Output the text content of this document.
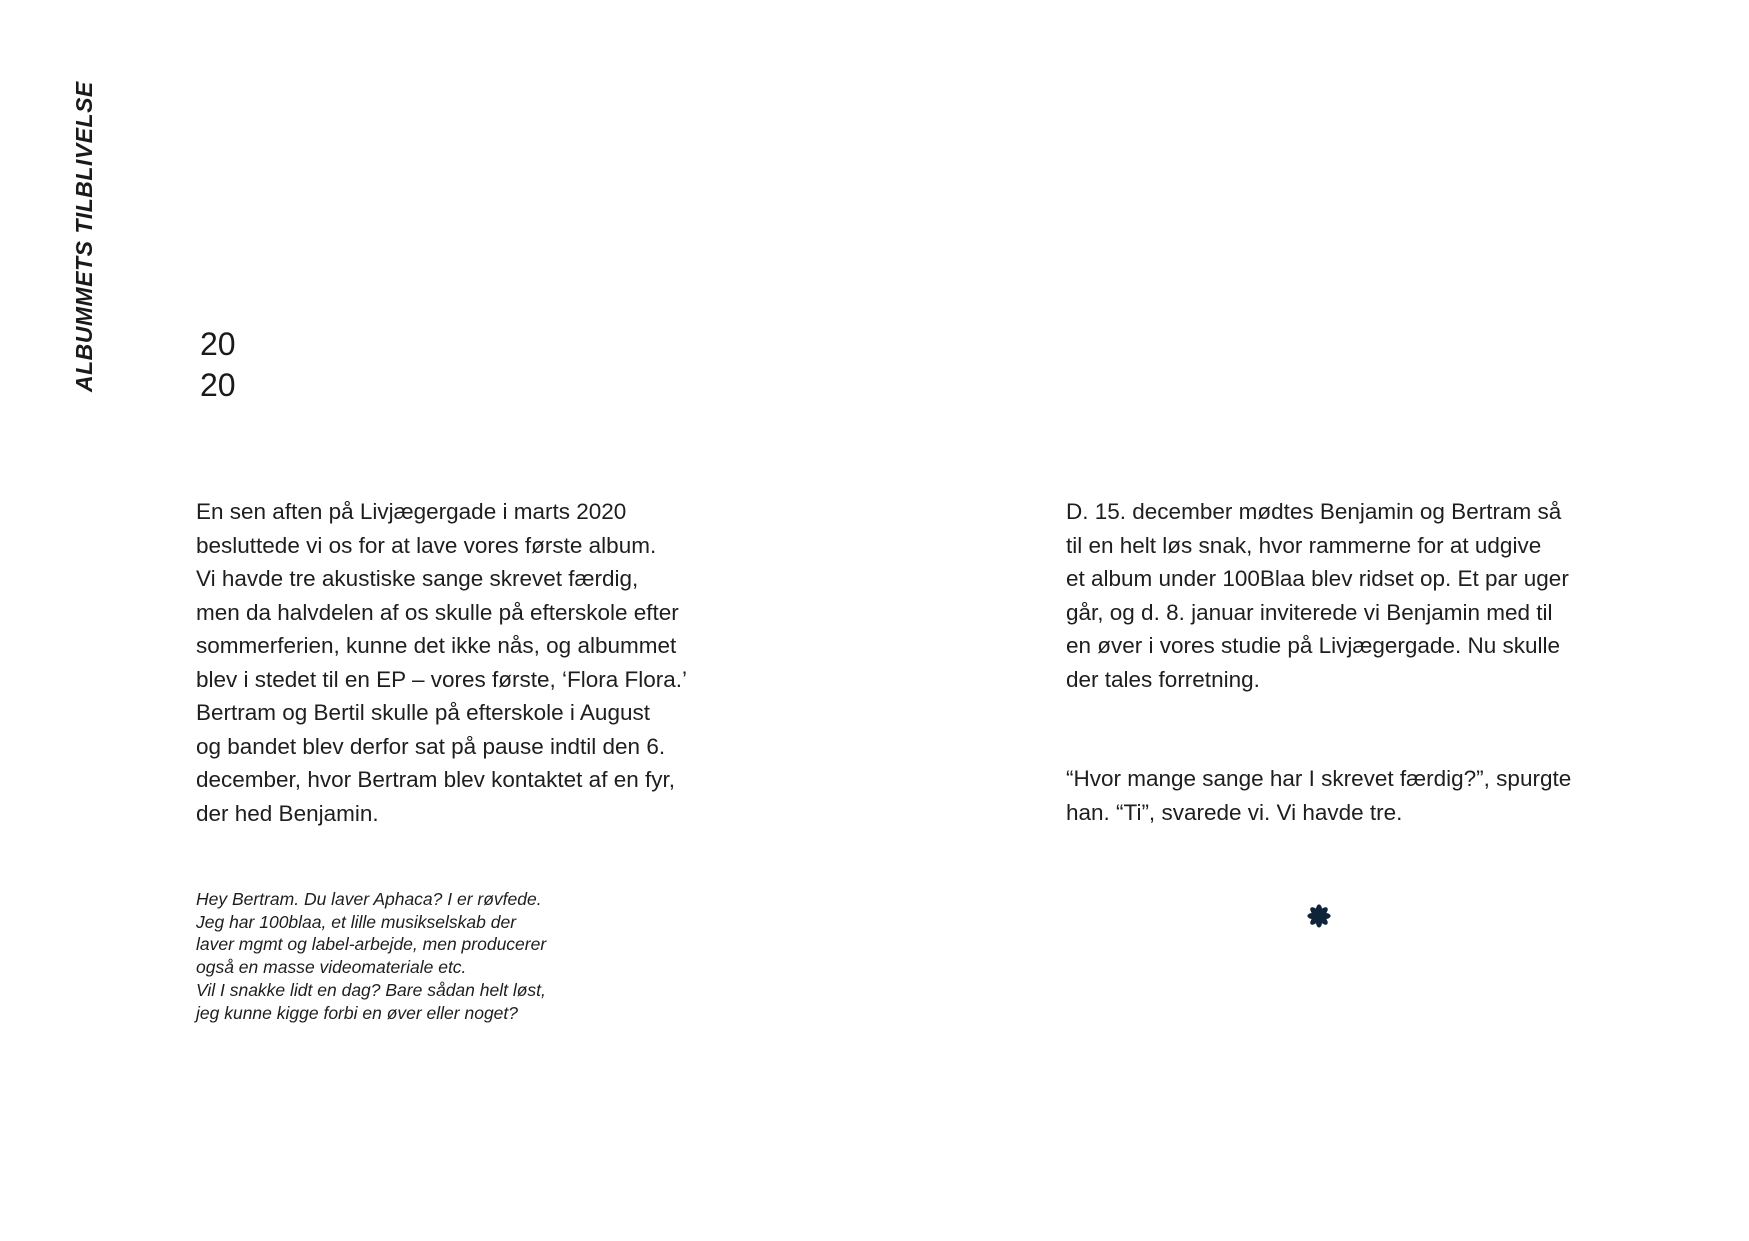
ALBUMMETS TILBLIVELSE	20
20
En sen aften på Livjægergade i marts 2020
besluttede vi os for at lave vores første album.
Vi havde tre akustiske sange skrevet færdig,
men da halvdelen af os skulle på efterskole efter
sommerferien, kunne det ikke nås, og albummet
blev i stedet til en EP – vores første, ‘Flora Flora.’
Bertram og Bertil skulle på efterskole i August
og bandet blev derfor sat på pause indtil den 6.
december, hvor Bertram blev kontaktet af en fyr,
der hed Benjamin.
Hey Bertram. Du laver Aphaca? I er røvfede.
Jeg har 100blaa, et lille musikselskab der
laver mgmt og label-arbejde, men producerer
også en masse videomateriale etc.
Vil I snakke lidt en dag? Bare sådan helt løst,
jeg kunne kigge forbi en øver eller noget?
D. 15. december mødtes Benjamin og Bertram så
til en helt løs snak, hvor rammerne for at udgive
et album under 100Blaa blev ridset op. Et par uger
går, og d. 8. januar inviterede vi Benjamin med til
en øver i vores studie på Livjægergade. Nu skulle
der tales forretning.
“Hvor mange sange har I skrevet færdig?”, spurgte
han. “Ti”, svarede vi. Vi havde tre.
